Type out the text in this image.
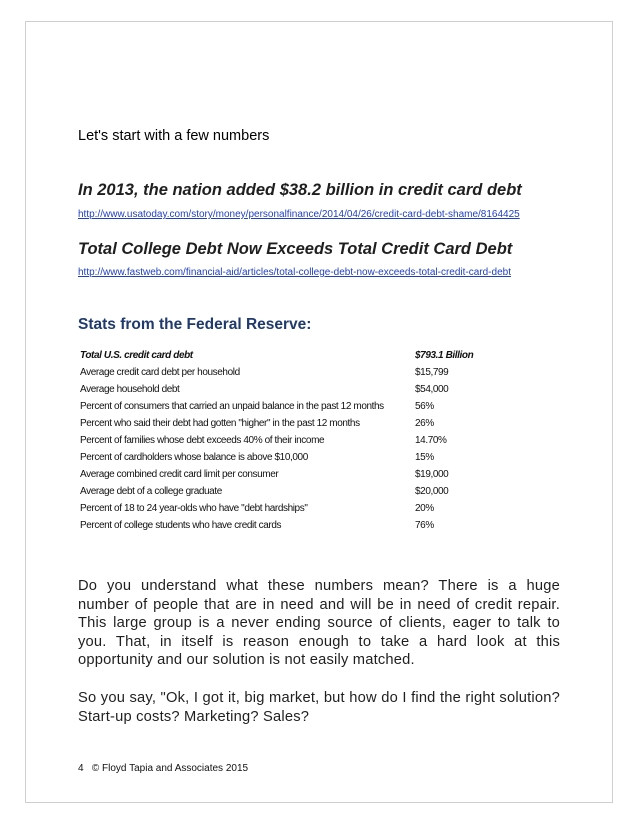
Let's start with a few numbers
In 2013, the nation added $38.2 billion in credit card debt
http://www.usatoday.com/story/money/personalfinance/2014/04/26/credit-card-debt-shame/8164425
Total College Debt Now Exceeds Total Credit Card Debt
http://www.fastweb.com/financial-aid/articles/total-college-debt-now-exceeds-total-credit-card-debt
Stats from the Federal Reserve:
Total U.S. credit card debt	$793.1 Billion
Average credit card debt per household	$15,799
Average household debt	$54,000
Percent of consumers that carried an unpaid balance in the past 12 months	56%
Percent who said their debt had gotten "higher" in the past 12 months	26%
Percent of families whose debt exceeds 40% of their income	14.70%
Percent of cardholders whose balance is above $10,000	15%
Average combined credit card limit per consumer	$19,000
Average debt of a college graduate	$20,000
Percent of 18 to 24 year-olds who have "debt hardships"	20%
Percent of college students who have credit cards	76%

Do you understand what these numbers mean? There is a huge number of people that are in need and will be in need of credit repair. This large group is a never ending source of clients, eager to talk to you. That, in itself is reason enough to take a hard look at this opportunity and our solution is not easily matched.

So you say, "Ok, I got it, big market, but how do I find the right solution? Start-up costs? Marketing? Sales?

4   © Floyd Tapia and Associates 2015
